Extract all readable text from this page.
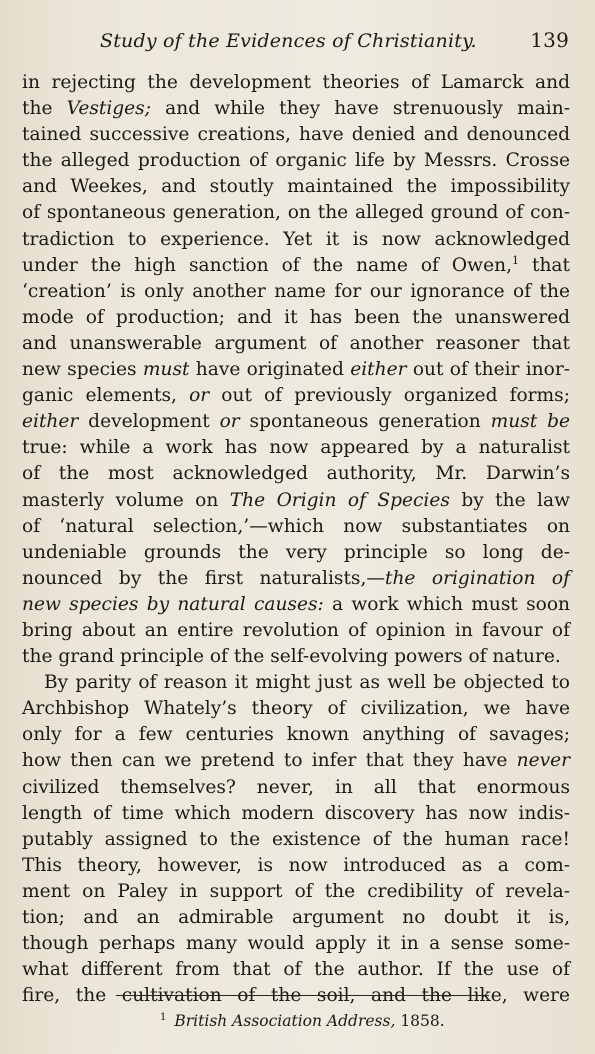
Study of the Evidences of Christianity.	139
in rejecting the development theories of Lamarck and
the Vestiges; and while they have strenuously main-
tained successive creations, have denied and denounced
the alleged production of organic life by Messrs. Crosse
and Weekes, and stoutly maintained the impossibility
of spontaneous generation, on the alleged ground of con-
tradiction to experience. Yet it is now acknowledged
under the high sanction of the name of Owen,$^1$ that
‘creation’ is only another name for our ignorance of the
mode of production; and it has been the unanswered
and unanswerable argument of another reasoner that
new species must have originated either out of their inor-
ganic elements, or out of previously organized forms;
either development or spontaneous generation must be
true: while a work has now appeared by a naturalist
of the most acknowledged authority, Mr. Darwin’s
masterly volume on The Origin of Species by the law
of ‘natural selection,’—which now substantiates on
undeniable grounds the very principle so long de-
nounced by the first naturalists,—the origination of
new species by natural causes: a work which must soon
bring about an entire revolution of opinion in favour of
the grand principle of the self-evolving powers of nature.
By parity of reason it might just as well be objected to
Archbishop Whately’s theory of civilization, we have
only for a few centuries known anything of savages;
how then can we pretend to infer that they have never
civilized themselves? never, in all that enormous
length of time which modern discovery has now indis-
putably assigned to the existence of the human race!
This theory, however, is now introduced as a com-
ment on Paley in support of the credibility of revela-
tion; and an admirable argument no doubt it is,
though perhaps many would apply it in a sense some-
what different from that of the author. If the use of
fire, the cultivation of the soil, and the like, were
$^1$ British Association Address, 1858.
